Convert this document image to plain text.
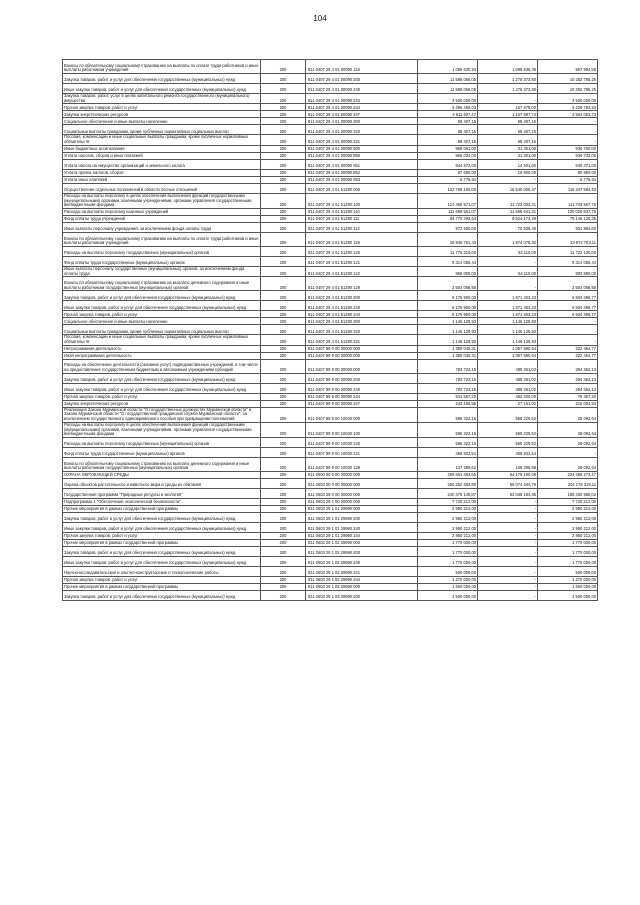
104
Взносы по обязательному социальному страхованию на выплаты по оплате труда работников и иные выплаты работникам учреждений	200	811 0407 29 4 01 00090 119	1 056 630,94	1 098 636,39	957 994,55
Закупка товаров, работ и услуг для обеспечения государственных (муниципальных) нужд	200	811 0407 29 4 01 00090 200	11 598 066,05	1 275 373,80	10 282 795,25
Иные закупки товаров, работ и услуг для обеспечения государственных (муниципальных) нужд	200	811 0407 29 4 01 00090 240	11 598 066,05	1 275 373,80	10 282 795,25
Закупка товаров, работ, услуг в целях капитального ремонта государственного (муниципального) имущества	200	811 0407 29 4 01 00090 243	3 500 000,00	-	3 500 000,00
Прочая закупка товаров, работ и услуг	200	811 0407 29 4 01 00090 244	3 396 459,03	167 675,00	3 228 784,53
Закупка энергетических ресурсов	200	811 0407 29 4 01 00090 247	4 611 607,47	1 107 597,74	3 504 053,73
Социальное обеспечение и иные выплаты населению	200	811 0407 29 4 01 00090 300	68 407,15	68 407,15	-
Социальные выплаты гражданам, кроме публичных нормативных социальных выплат	200	811 0407 29 4 01 00090 320	68 407,15	68 407,15	-
Пособия, компенсации и иные социальные выплаты гражданам, кроме публичных нормативных обязательств	200	811 0407 29 4 01 00090 321	68 407,15	68 407,15	-
Иные бюджетные ассигнования	200	811 0407 29 4 01 00090 800	968 061,00	31 301,00	936 760,00
Уплата налогов, сборов и иных платежей	200	811 0407 29 4 01 00090 850	968 034,00	31 301,00	936 733,00
Уплата налога на имущество организаций и земельного налога	200	811 0407 29 4 01 00090 851	844 872,00	14 501,00	830 371,00
Уплата прочих налогов, сборов	200	811 0407 29 4 01 00090 852	97 680,00	16 800,00	80 880,00
Уплата иных платежей	200	811 0407 29 4 01 00090 853	5 778,64	-	5 778,64
Осуществление отдельных полномочий в области лесных отношений	200	811 0407 29 4 01 51290 000	132 758 160,00	16 540 005,47	116 247 584,53
Расходы на выплаты персоналу в целях обеспечения выполнения функций государственными (муниципальными) органами, казенными учреждениями, органами управления государственными внебюджетными фондами	200	811 0407 29 4 01 51290 100	123 466 571,07	11 723 003,31	111 743 567,76
Расходы на выплаты персоналу казенных учреждений	200	811 0407 29 4 01 51290 110	111 689 561,07	11 668 641,31	100 020 937,76
Фонд оплаты труда учреждений	200	811 0407 29 4 01 51290 111	84 770 293,64	9 624 173,29	75 146 120,35
Иные выплаты персоналу учреждений, за исключением фонда оплаты труда	200	811 0407 29 4 01 51290 112	972 500,00	70 535,40	901 964,60
Взносы по обязательному социальному страхованию на выплаты по оплате труда работников и иные выплаты работникам учреждений	200	811 0407 29 4 01 51290 119	25 946 781,43	1 974 078,32	23 972 703,11
Расходы на выплаты персоналу государственных (муниципальных) органов	200	811 0407 29 4 01 51290 120	11 776 210,00	54 110,00	11 722 100,00
Фонд оплаты труда государственных (муниципальных) органов	200	811 0407 29 4 01 51290 121	8 314 055,44	-	8 314 055,44
Иные выплаты персоналу государственных (муниципальных) органов, за исключением фонда оплаты труда	200	811 0407 29 4 01 51290 122	958 000,00	54 110,00	903 890,00
Взносы по обязательному социальному страхованию на выплаты денежного содержания и иные выплаты работникам государственных (муниципальных) органов	200	811 0407 29 4 01 51290 129	2 504 068,56	-	2 504 068,56
Закупка товаров, работ и услуг для обеспечения государственных (муниципальных) нужд	200	811 0407 29 4 01 51290 200	8 175 900,00	1 671 403,23	6 504 496,77
Иные закупки товаров, работ и услуг для обеспечения государственных (муниципальных) нужд	200	811 0407 29 4 01 51290 240	8 175 900,00	1 671 403,23	6 504 496,77
Прочая закупка товаров, работ и услуг	200	811 0407 29 4 01 51290 244	8 175 900,00	1 671 403,23	6 504 496,77
Социальное обеспечение и иные выплаты населению	200	811 0407 29 4 01 51290 300	1 146 128,93	1 146 128,93	-
Социальные выплаты гражданам, кроме публичных нормативных социальных выплат	200	811 0407 29 4 01 51290 320	1 146 128,93	1 146 128,93	-
Пособия, компенсации и иные социальные выплаты гражданам, кроме публичных нормативных обязательств	200	811 0407 29 4 01 51290 321	1 146 128,93	1 146 128,93	-
Непрограммная деятельность	200	811 0407 99 0 00 00000 000	1 380 045,31	1 057 590,54	322 454,77
Иная непрограммная деятельность	200	811 0407 99 9 00 00000 000	1 380 045,31	1 057 590,54	322 454,77
Расходы на обеспечение деятельности (оказание услуг) подведомственных учреждений, в том числе на предоставление государственным бюджетным и автономным учреждениям субсидий	200	811 0407 99 9 00 00090 000	783 723,15	489 361,02	294 362,13
Закупка товаров, работ и услуг для обеспечения государственных (муниципальных) нужд	200	811 0407 99 9 00 00090 200	783 723,15	489 361,02	294 362,13
Иные закупки товаров, работ и услуг для обеспечения государственных (муниципальных) нужд	200	811 0407 99 9 00 00090 240	783 723,15	489 361,02	294 362,13
Прочая закупка товаров, работ и услуг	200	811 0407 99 9 00 00090 244	541 557,20	462 200,00	79 357,20
Закупка энергетических ресурсов	200	811 0407 99 9 00 00090 247	242 165,95	27 161,02	215 004,93
Реализация Закона Мурманской области "О государственных должностях Мурманской области" и Закона Мурманской области "О государственной гражданской службе Мурманской области", за исключением государственного единовременного пособия при прекращении полномочий	200	811 0407 99 9 00 10040 000	596 322,16	568 229,52	28 092,64
Расходы на выплаты персоналу в целях обеспечения выполнения функций государственными (муниципальными) органами, казенными учреждениями, органами управления государственными внебюджетными фондами	200	811 0407 99 9 00 10040 100	596 322,16	568 229,52	28 092,64
Расходы на выплаты персоналу государственных (муниципальных) органов	200	811 0407 99 9 00 10040 120	596 322,16	568 229,52	28 092,64
Фонд оплаты труда государственных (муниципальных) органов	200	811 0407 99 9 00 10040 121	458 932,54	458 932,54	-
Взносы по обязательному социальному страхованию на выплаты денежного содержания и иные выплаты работникам государственных (муниципальных) органов	200	811 0407 99 9 00 10040 129	137 389,62	109 296,98	28 092,64
ОХРАНА ОКРУЖАЮЩЕЙ СРЕДЫ	200	811 0600 00 0 00 00000 000	298 661 463,55	64 175 190,08	234 486 273,47
Охрана объектов растительного и животного мира и среды их обитания	200	811 0603 00 0 00 00000 000	260 252 693,90	56 074 344,79	204 178 319,11
Государственная программа "Природные ресурсы и экология"	200	811 0603 29 0 00 00000 000	240 476 149,87	52 045 184,85	188 430 965,02
Подпрограмма 1 "Обеспечение экологической безопасности"	200	811 0603 29 1 00 00000 000	7 720 212,00	-	7 720 212,00
Прочие мероприятия в рамках государственной программы	200	811 0603 29 1 01 29990 000	2 950 212,00	-	2 950 212,00
Закупка товаров, работ и услуг для обеспечения государственных (муниципальных) нужд	200	811 0603 29 1 01 29990 200	2 950 212,00	-	2 950 212,00
Иные закупки товаров, работ и услуг для обеспечения государственных (муниципальных) нужд	200	811 0603 29 1 01 29990 240	2 950 212,00	-	2 950 212,00
Прочая закупка товаров, работ и услуг	200	811 0603 29 1 01 29990 244	2 950 212,00	-	2 950 212,00
Прочие мероприятия в рамках государственной программы	200	811 0603 29 1 02 29990 000	1 770 000,00	-	1 770 000,00
Закупка товаров, работ и услуг для обеспечения государственных (муниципальных) нужд	200	811 0603 29 1 02 29990 200	1 770 000,00	-	1 770 000,00
Иные закупки товаров, работ и услуг для обеспечения государственных (муниципальных) нужд	200	811 0603 29 1 02 29990 240	1 770 000,00	-	1 770 000,00
Научно-исследовательские и опытно-конструкторские и технологические работы	200	811 0603 29 1 02 29990 241	500 000,00	-	500 000,00
Прочая закупка товаров, работ и услуг	200	811 0603 29 1 02 29990 244	1 270 000,00	-	1 270 000,00
Прочие мероприятия в рамках государственной программы	200	811 0603 29 1 03 29990 000	1 500 000,00	-	1 500 000,00
Закупка товаров, работ и услуг для обеспечения государственных (муниципальных) нужд	200	811 0603 29 1 03 29990 200	1 500 000,00	-	1 500 000,00
